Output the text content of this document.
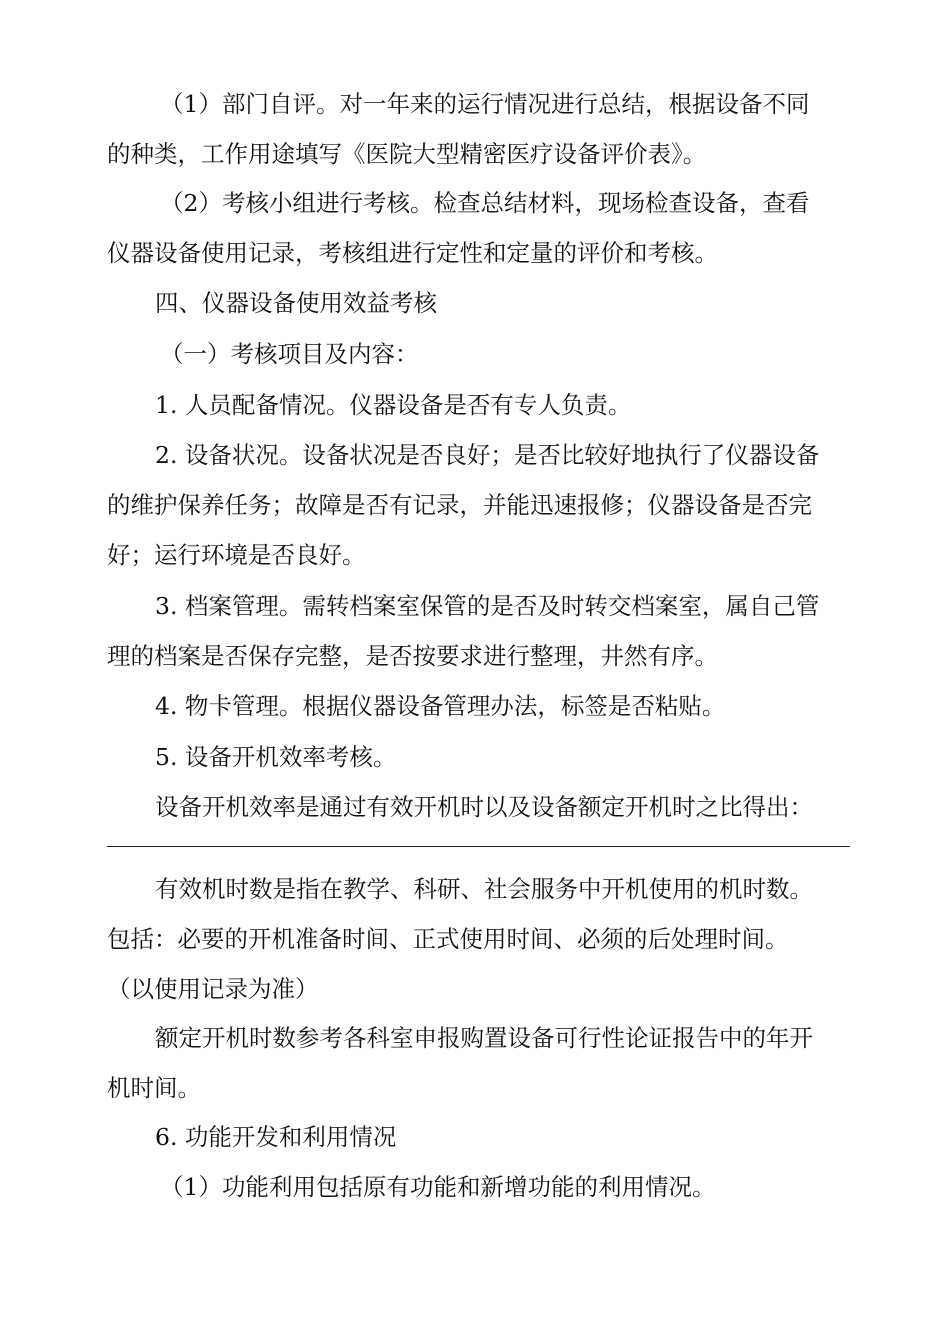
（1）部门自评。对一年来的运行情况进行总结，根据设备不同
的种类，工作用途填写《医院大型精密医疗设备评价表》。
（2）考核小组进行考核。检查总结材料，现场检查设备，查看
仪器设备使用记录，考核组进行定性和定量的评价和考核。
四、仪器设备使用效益考核
（一）考核项目及内容：
1. 人员配备情况。仪器设备是否有专人负责。
2. 设备状况。设备状况是否良好；是否比较好地执行了仪器设备
的维护保养任务；故障是否有记录，并能迅速报修；仪器设备是否完
好；运行环境是否良好。
3. 档案管理。需转档案室保管的是否及时转交档案室，属自己管
理的档案是否保存完整，是否按要求进行整理，井然有序。
4. 物卡管理。根据仪器设备管理办法，标签是否粘贴。
5. 设备开机效率考核。
设备开机效率是通过有效开机时以及设备额定开机时之比得出：
有效机时数是指在教学、科研、社会服务中开机使用的机时数。
包括：必要的开机准备时间、正式使用时间、必须的后处理时间。
（以使用记录为准）
额定开机时数参考各科室申报购置设备可行性论证报告中的年开
机时间。
6. 功能开发和利用情况
（1）功能利用包括原有功能和新增功能的利用情况。
